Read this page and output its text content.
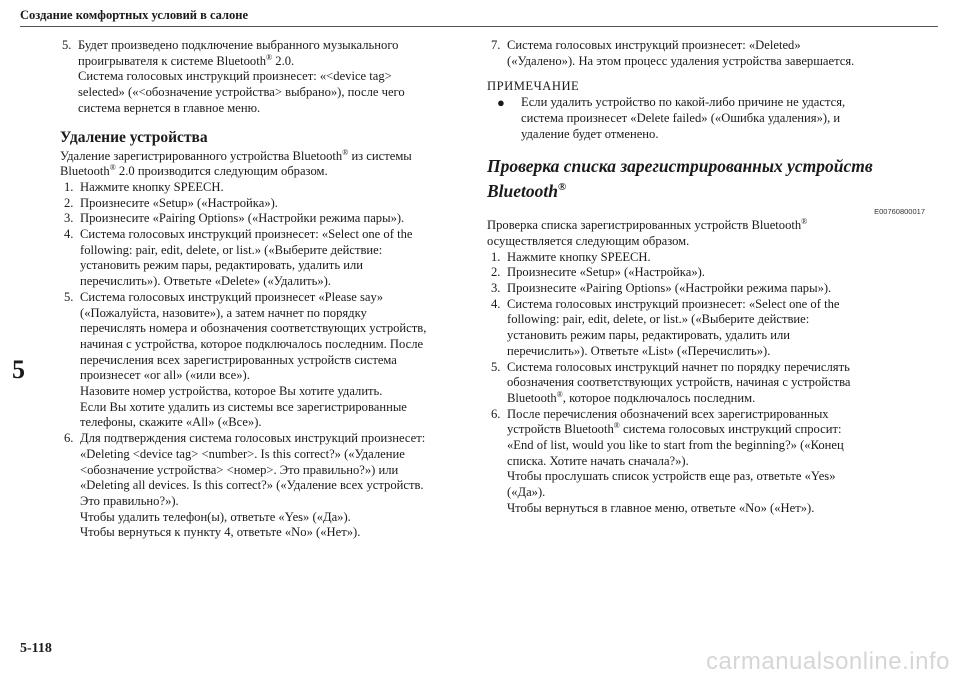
Создание комфортных условий в салоне
5
5. Будет произведено подключение выбранного музыкального
проигрывателя к системе Bluetooth® 2.0.
Система голосовых инструкций произнесет: «<device tag>
selected» («<обозначение устройства> выбрано»), после чего
система вернется в главное меню.
Удаление устройства
Удаление зарегистрированного устройства Bluetooth® из системы
Bluetooth® 2.0 производится следующим образом.
1. Нажмите кнопку SPEECH.
2. Произнесите «Setup» («Настройка»).
3. Произнесите «Pairing Options» («Настройки режима пары»).
4. Система голосовых инструкций произнесет: «Select one of the
following: pair, edit, delete, or list.» («Выберите действие:
установить режим пары, редактировать, удалить или
перечислить»). Ответьте «Delete» («Удалить»).
5. Система голосовых инструкций произнесет «Please say»
(«Пожалуйста, назовите»), а затем начнет по порядку
перечислять номера и обозначения соответствующих устройств,
начиная с устройства, которое подключалось последним. После
перечисления всех зарегистрированных устройств система
произнесет «or all» («или все»).
Назовите номер устройства, которое Вы хотите удалить.
Если Вы хотите удалить из системы все зарегистрированные
телефоны, скажите «All» («Все»).
6. Для подтверждения система голосовых инструкций произнесет:
«Deleting <device tag> <number>. Is this correct?» («Удаление
<обозначение устройства> <номер>. Это правильно?») или
«Deleting all devices. Is this correct?» («Удаление всех устройств.
Это правильно?»).
Чтобы удалить телефон(ы), ответьте «Yes» («Да»).
Чтобы вернуться к пункту 4, ответьте «No» («Нет»).
7. Система голосовых инструкций произнесет: «Deleted»
(«Удалено»). На этом процесс удаления устройства завершается.
ПРИМЕЧАНИЕ
● Если удалить устройство по какой-либо причине не удастся,
система произнесет «Delete failed» («Ошибка удаления»), и
удаление будет отменено.
Проверка списка зарегистрированных устройств
Bluetooth®
E00760800017
Проверка списка зарегистрированных устройств Bluetooth®
осуществляется следующим образом.
1. Нажмите кнопку SPEECH.
2. Произнесите «Setup» («Настройка»).
3. Произнесите «Pairing Options» («Настройки режима пары»).
4. Система голосовых инструкций произнесет: «Select one of the
following: pair, edit, delete, or list.» («Выберите действие:
установить режим пары, редактировать, удалить или
перечислить»). Ответьте «List» («Перечислить»).
5. Система голосовых инструкций начнет по порядку перечислять
обозначения соответствующих устройств, начиная с устройства
Bluetooth®, которое подключалось последним.
6. После перечисления обозначений всех зарегистрированных
устройств Bluetooth® система голосовых инструкций спросит:
«End of list, would you like to start from the beginning?» («Конец
списка. Хотите начать сначала?»).
Чтобы прослушать список устройств еще раз, ответьте «Yes»
(«Да»).
Чтобы вернуться в главное меню, ответьте «No» («Нет»).
5-118	carmanualsonline.info
